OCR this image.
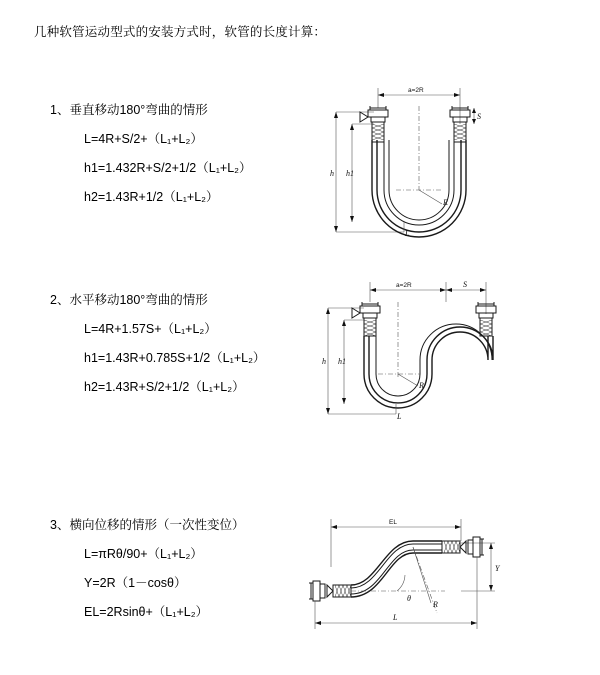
几种软管运动型式的安装方式时，软管的长度计算：
1、垂直移动180°弯曲的情形
L=4R+S/2+（L₁+L₂）
h1=1.432R+S/2+1/2（L₁+L₂）
h2=1.43R+1/2（L₁+L₂）
a=2R
R
L
h h1
S
2、水平移动180°弯曲的情形
L=4R+1.57S+（L₁+L₂）
h1=1.43R+0.785S+1/2（L₁+L₂）
h2=1.43R+S/2+1/2（L₁+L₂）
a=2R	S
h h1
R
L
3、横向位移的情形（一次性变位）
L=πRθ/90+（L₁+L₂）
Y=2R（1－cosθ）
EL=2Rsinθ+（L₁+L₂）
EL
Y
θ
R
L
